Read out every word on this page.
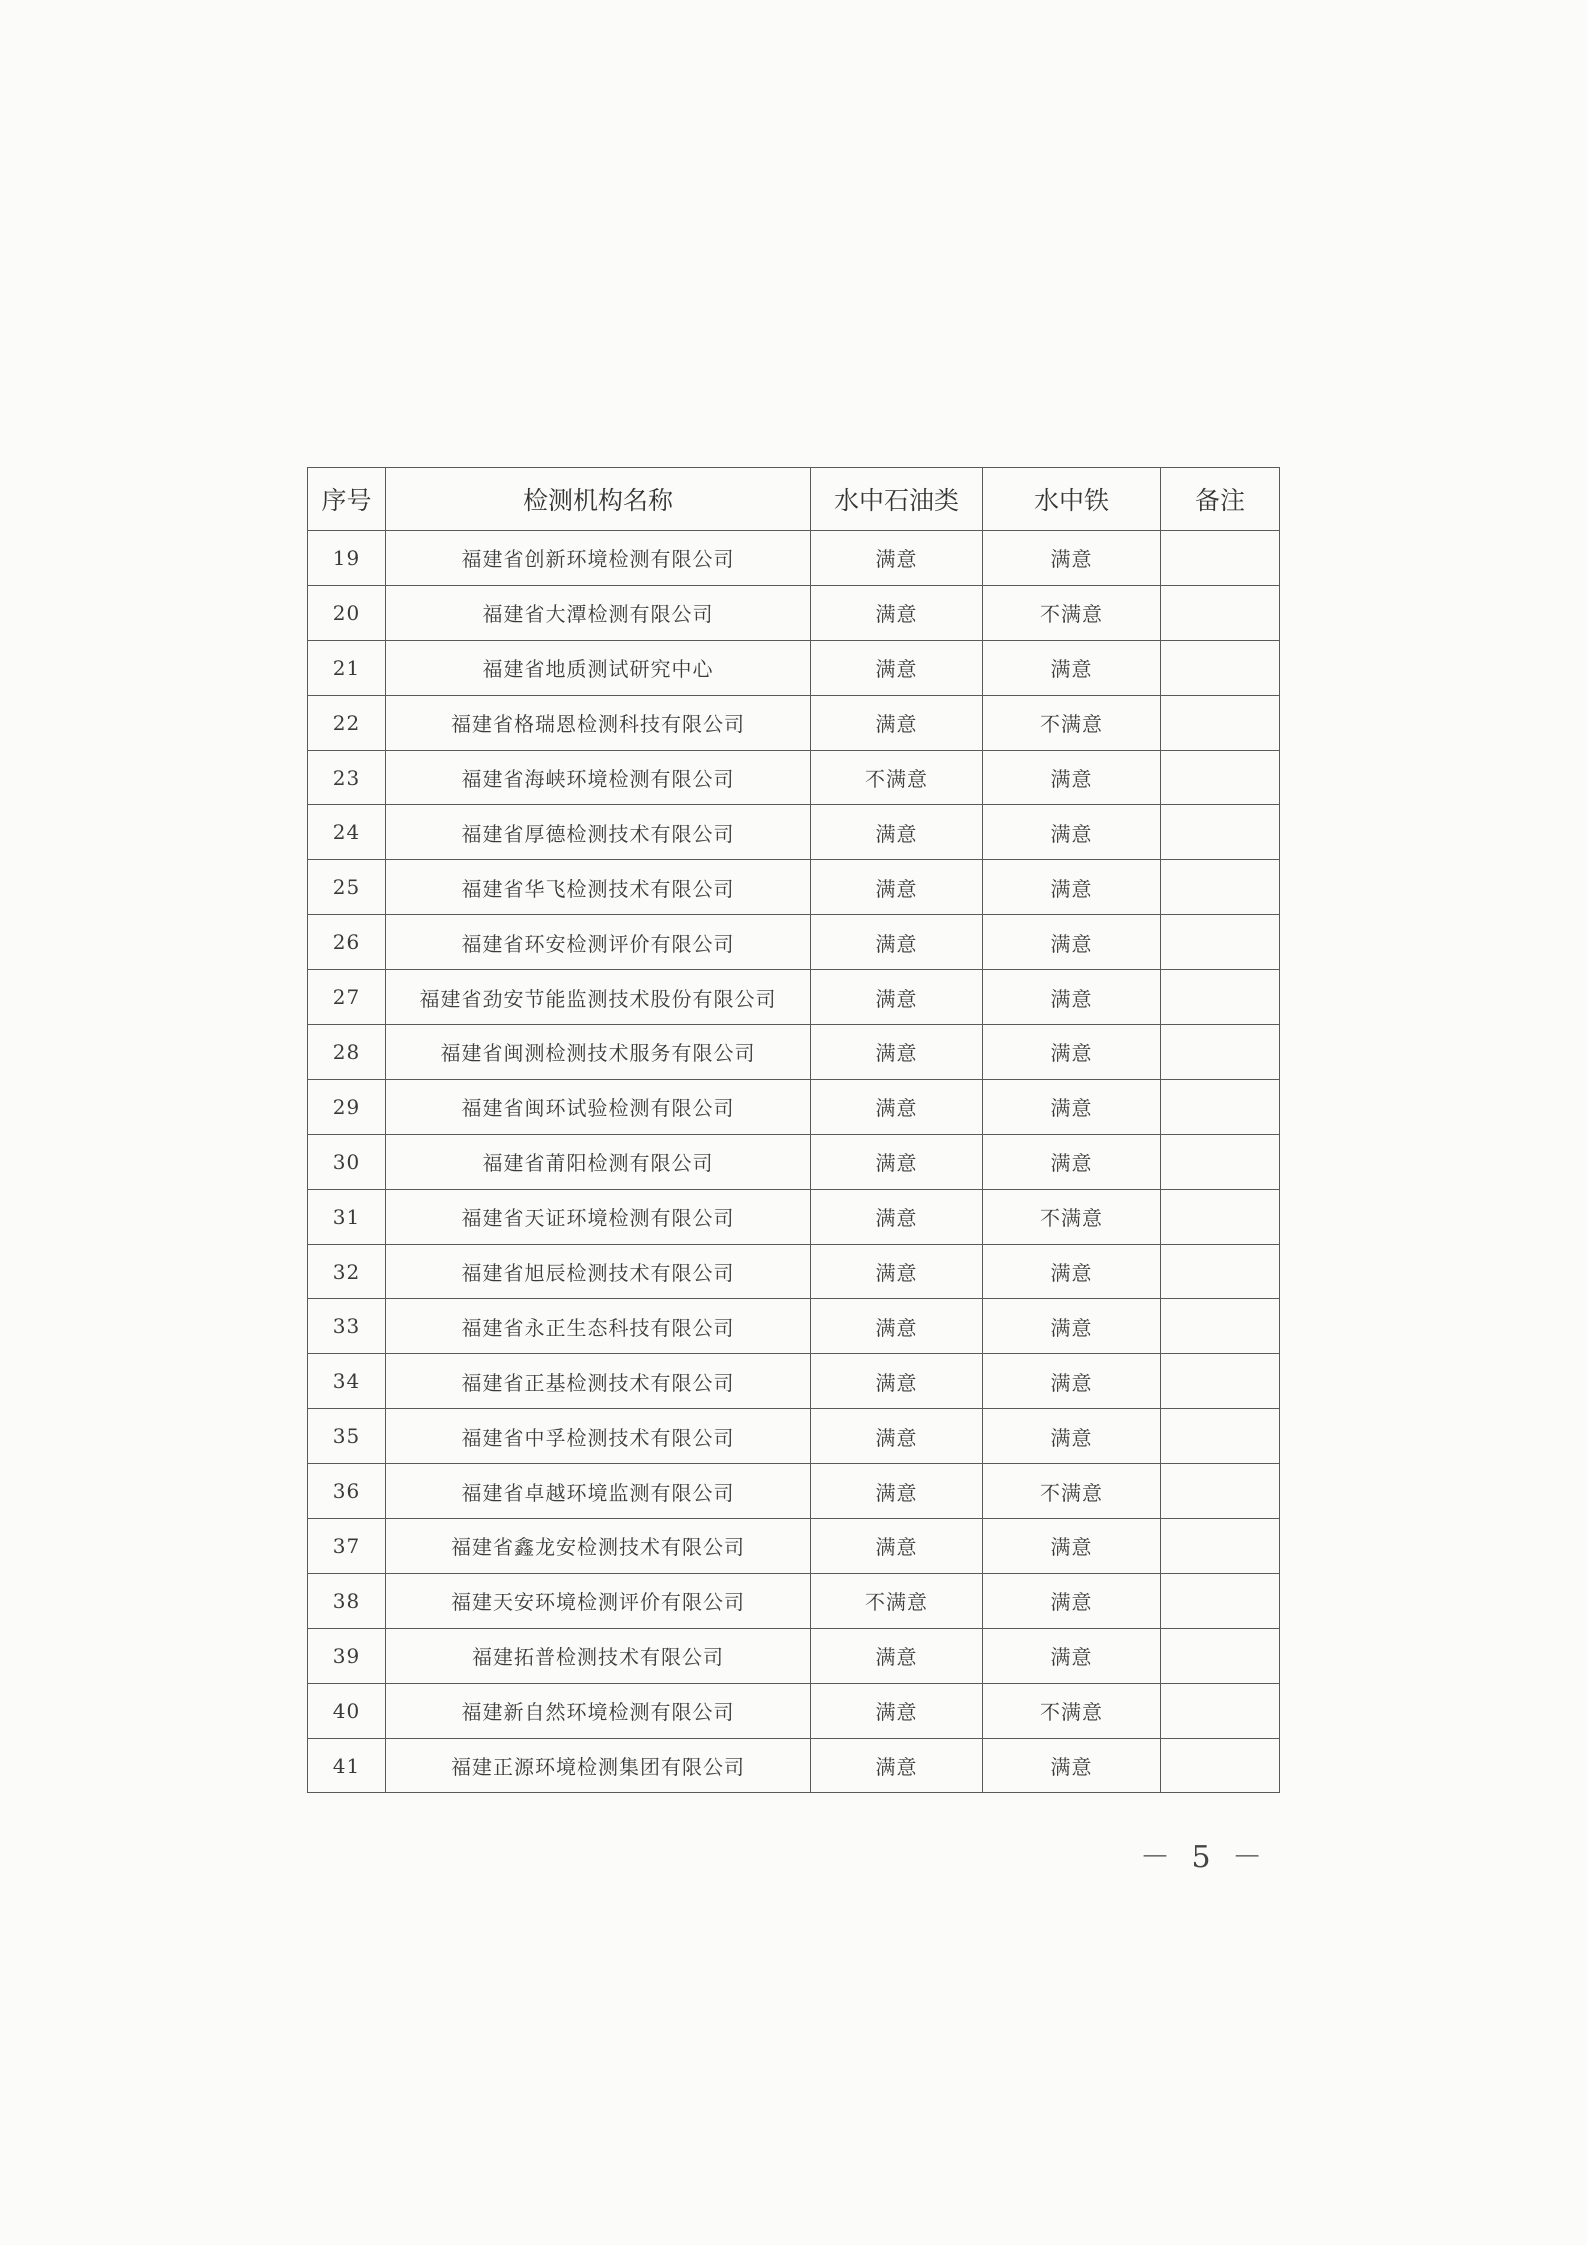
序号	检测机构名称	水中石油类	水中铁	备注
19	福建省创新环境检测有限公司	满意	满意	
20	福建省大潭检测有限公司	满意	不满意	
21	福建省地质测试研究中心	满意	满意	
22	福建省格瑞恩检测科技有限公司	满意	不满意	
23	福建省海峡环境检测有限公司	不满意	满意	
24	福建省厚德检测技术有限公司	满意	满意	
25	福建省华飞检测技术有限公司	满意	满意	
26	福建省环安检测评价有限公司	满意	满意	
27	福建省劲安节能监测技术股份有限公司	满意	满意	
28	福建省闽测检测技术服务有限公司	满意	满意	
29	福建省闽环试验检测有限公司	满意	满意	
30	福建省莆阳检测有限公司	满意	满意	
31	福建省天证环境检测有限公司	满意	不满意	
32	福建省旭辰检测技术有限公司	满意	满意	
33	福建省永正生态科技有限公司	满意	满意	
34	福建省正基检测技术有限公司	满意	满意	
35	福建省中孚检测技术有限公司	满意	满意	
36	福建省卓越环境监测有限公司	满意	不满意	
37	福建省鑫龙安检测技术有限公司	满意	满意	
38	福建天安环境检测评价有限公司	不满意	满意	
39	福建拓普检测技术有限公司	满意	满意	
40	福建新自然环境检测有限公司	满意	不满意	
41	福建正源环境检测集团有限公司	满意	满意	
－ 5 －
